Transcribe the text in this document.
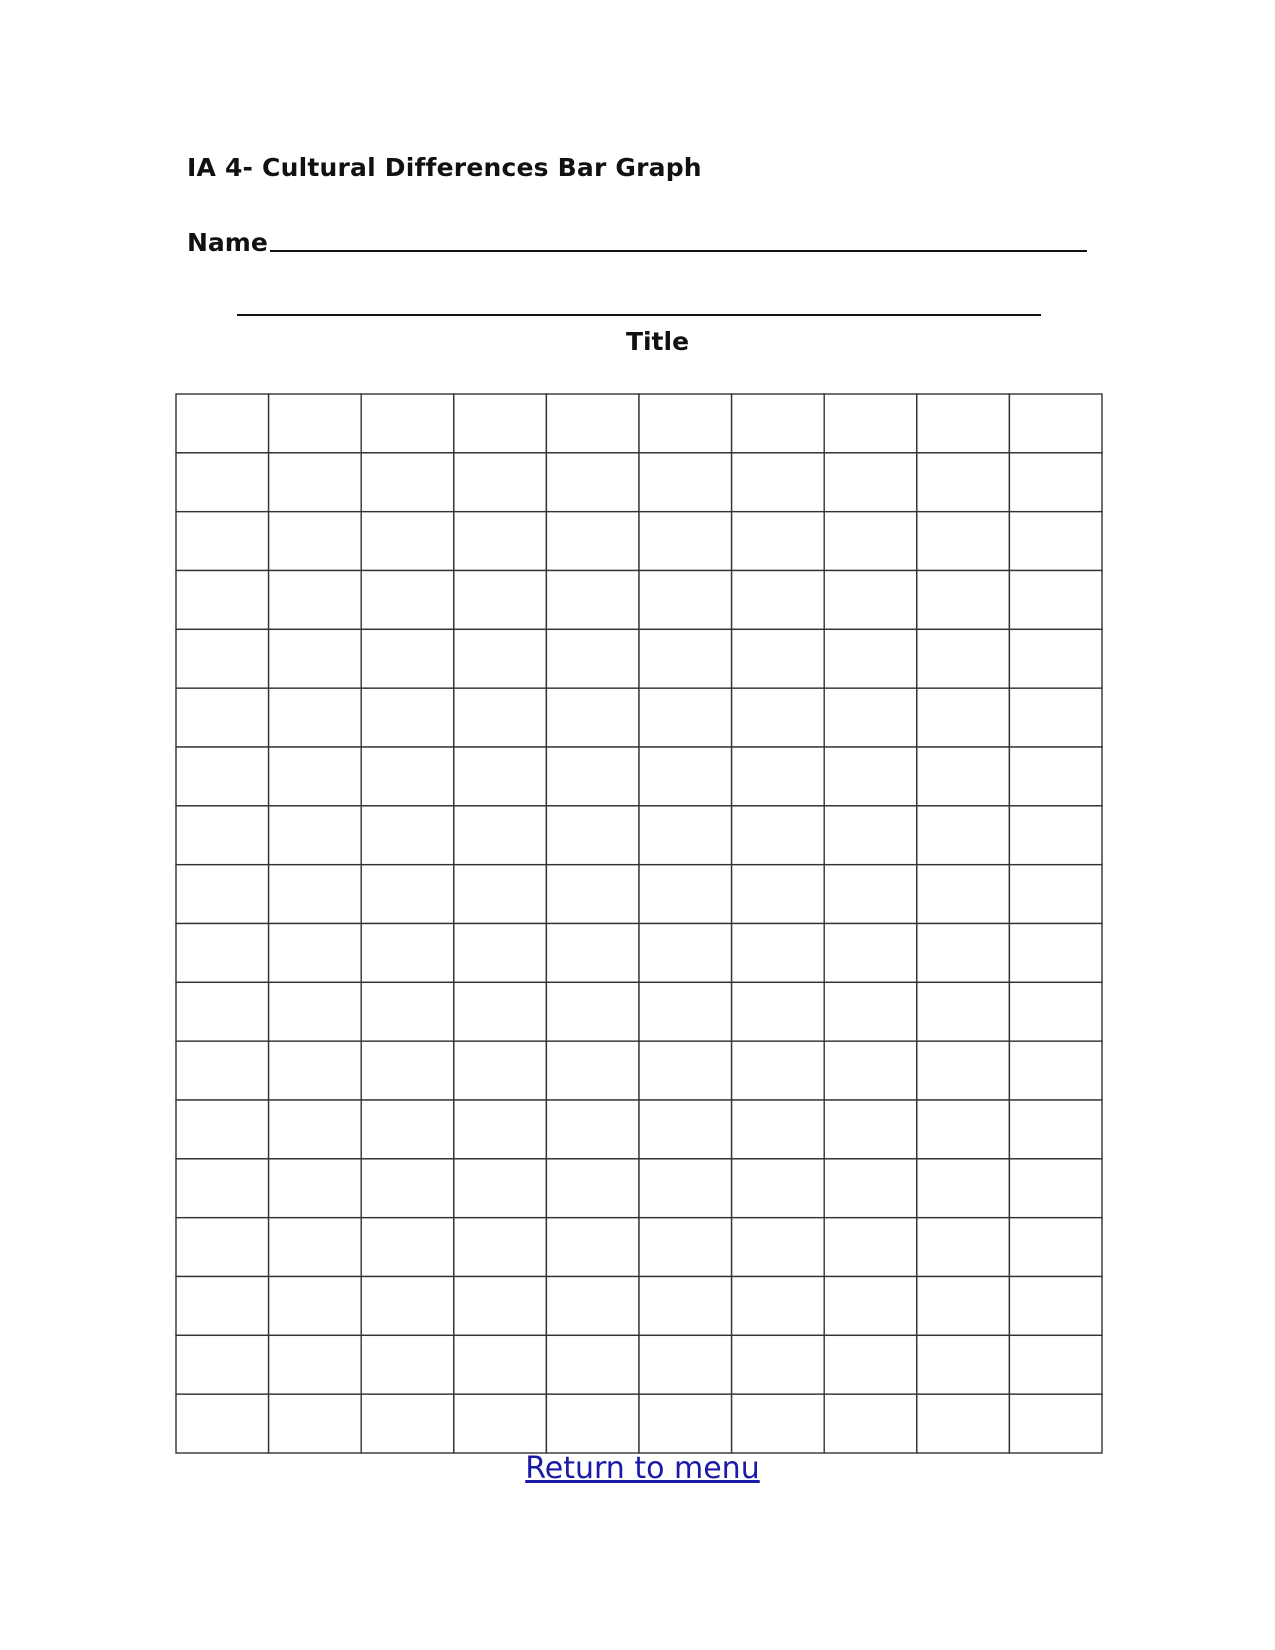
IA 4- Cultural Differences Bar Graph
Name
Title
Return to menu
